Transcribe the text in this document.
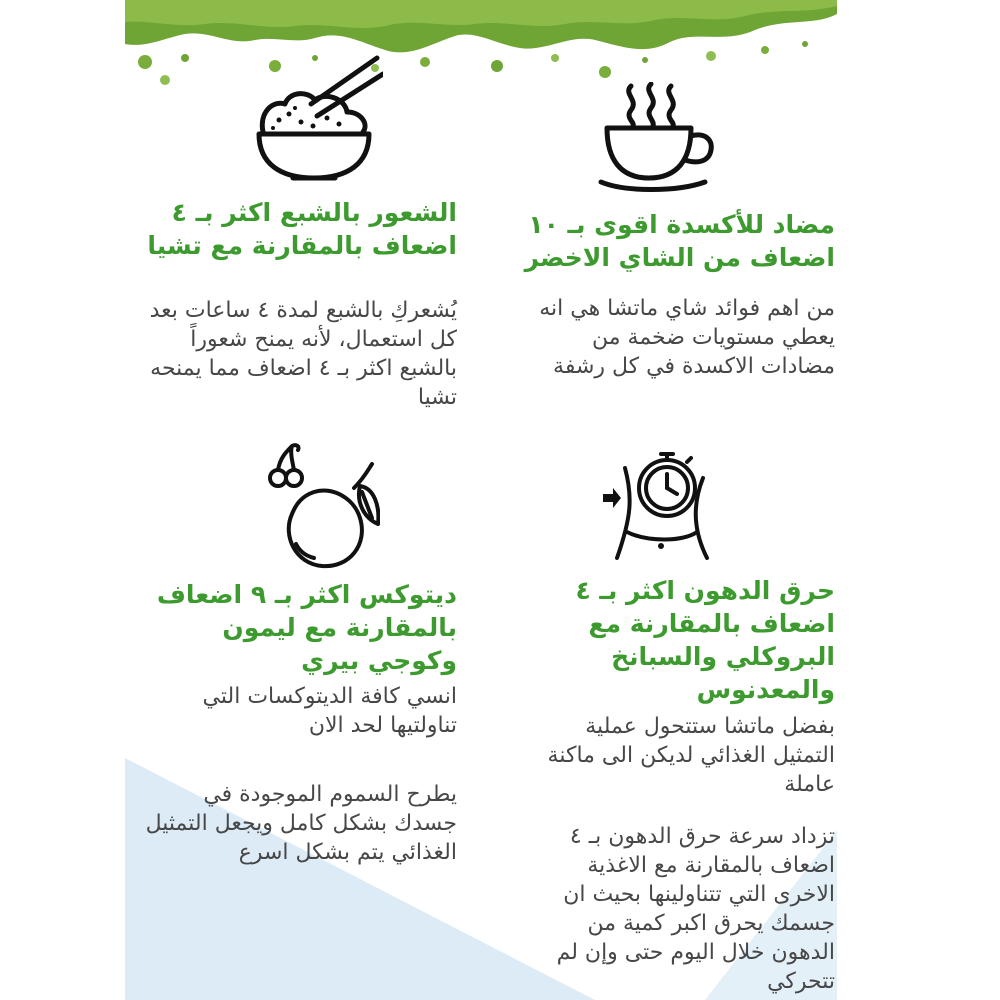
الشعور بالشبع اكثر بـ ٤ اضعاف بالمقارنة مع تشيا

يُشعركِ بالشبع لمدة ٤ ساعات بعد كل استعمال، لأنه يمنح شعوراً بالشبع اكثر بـ ٤ اضعاف مما يمنحه تشيا

مضاد للأكسدة اقوى بـ ١٠ اضعاف من الشاي الاخضر

من اهم فوائد شاي ماتشا هي انه يعطي مستويات ضخمة من مضادات الاكسدة في كل رشفة

ديتوكس اكثر بـ ٩ اضعاف بالمقارنة مع ليمون وكوجي بيري

انسي كافة الديتوكسات التي تناولتيها لحد الان

يطرح السموم الموجودة في جسدك بشكل كامل ويجعل التمثيل الغذائي يتم بشكل اسرع

حرق الدهون اكثر بـ ٤ اضعاف بالمقارنة مع البروكلي والسبانخ والمعدنوس

بفضل ماتشا ستتحول عملية التمثيل الغذائي لديكن الى ماكنة عاملة

تزداد سرعة حرق الدهون بـ ٤ اضعاف بالمقارنة مع الاغذية الاخرى التي تتناولينها بحيث ان جسمك يحرق اكبر كمية من الدهون خلال اليوم حتى وإن لم تتحركي
